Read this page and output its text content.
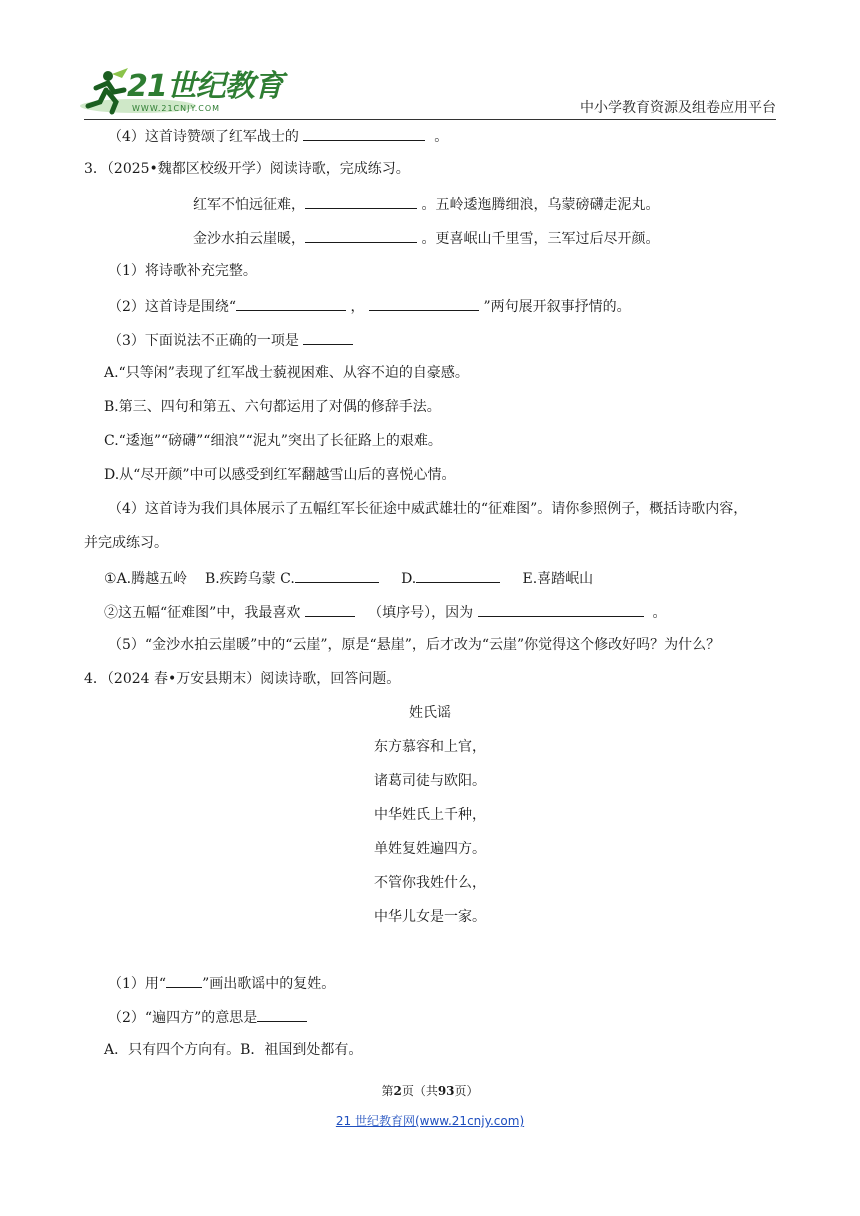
21世纪教育
WWW.21CNJY.COM	中小学教育资源及组卷应用平台
（4）这首诗赞颂了红军战士的	。
3．（2025•魏都区校级开学）阅读诗歌，完成练习。
红军不怕远征难，	。五岭逶迤腾细浪，乌蒙磅礴走泥丸。
金沙水拍云崖暖，	。更喜岷山千里雪，三军过后尽开颜。
（1）将诗歌补充完整。
（2）这首诗是围绕“	，	”两句展开叙事抒情的。
（3）下面说法不正确的一项是
A.“只等闲”表现了红军战士藐视困难、从容不迫的自豪感。
B.第三、四句和第五、六句都运用了对偶的修辞手法。
C.“逶迤”“磅礴”“细浪”“泥丸”突出了长征路上的艰难。
D.从“尽开颜”中可以感受到红军翻越雪山后的喜悦心情。
（4）这首诗为我们具体展示了五幅红军长征途中威武雄壮的“征难图”。请你参照例子，概括诗歌内容，
并完成练习。
①A.腾越五岭 B.疾跨乌蒙 C.	D.	E.喜踏岷山
②这五幅“征难图”中，我最喜欢	（填序号），因为	。
（5）“金沙水拍云崖暖”中的“云崖”，原是“悬崖”，后才改为“云崖”你觉得这个修改好吗？为什么？
4．（2024 春•万安县期末）阅读诗歌，回答问题。
姓氏谣
东方慕容和上官，
诸葛司徒与欧阳。
中华姓氏上千种，
单姓复姓遍四方。
不管你我姓什么，
中华儿女是一家。
（1）用“	”画出歌谣中的复姓。
（2）“遍四方”的意思是
A．只有四个方向有。B．祖国到处都有。
第2页（共93页）
21 世纪教育网(www.21cnjy.com)
